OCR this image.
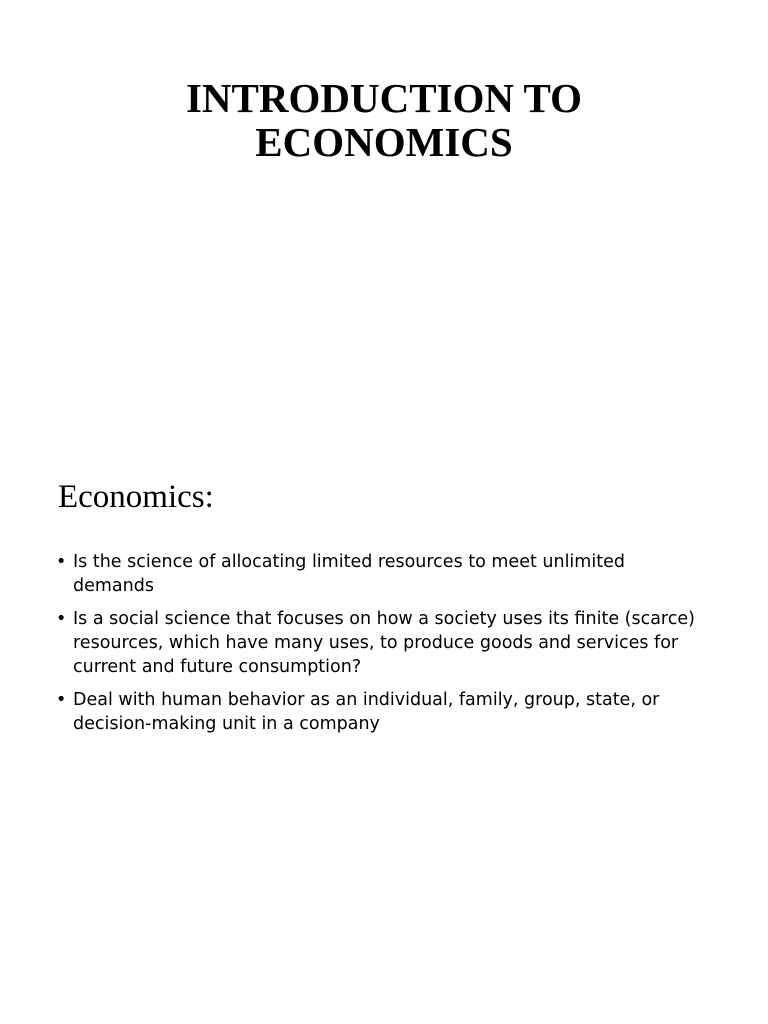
INTRODUCTION TO
ECONOMICS
Economics:
• Is the science of allocating limited resources to meet unlimited
demands
• Is a social science that focuses on how a society uses its finite (scarce)
resources, which have many uses, to produce goods and services for
current and future consumption?
• Deal with human behavior as an individual, family, group, state, or
decision-making unit in a company
